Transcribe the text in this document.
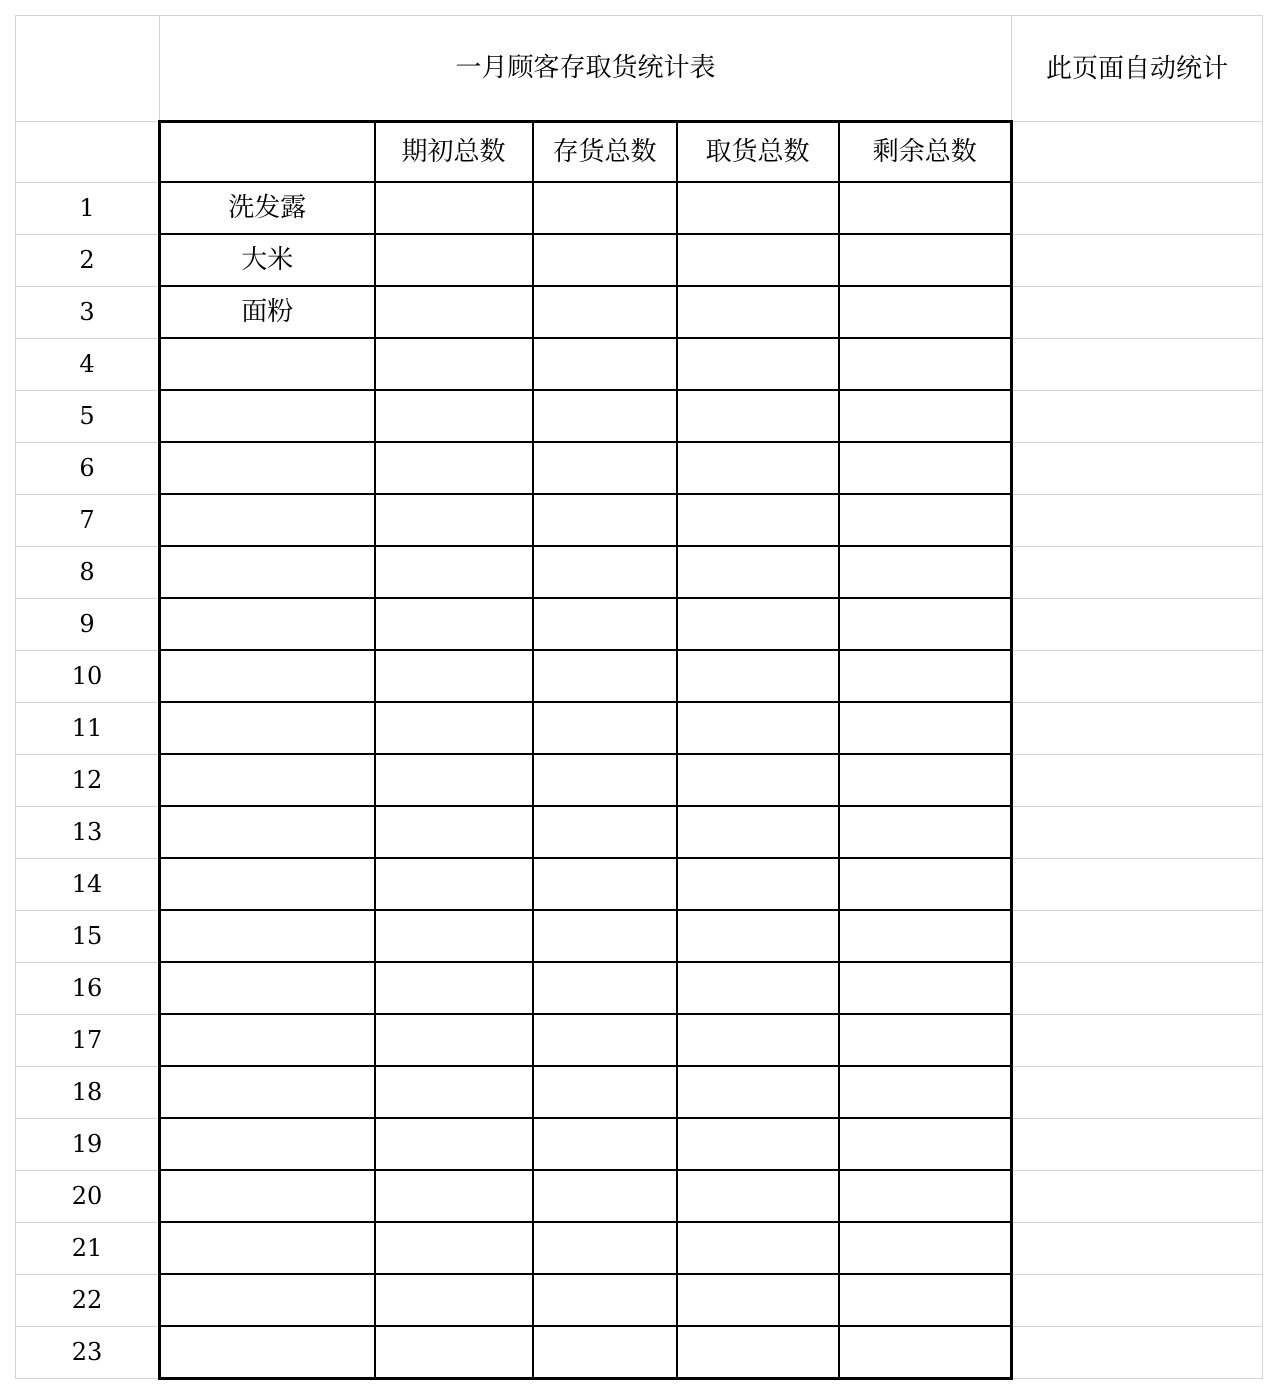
	一月顾客存取货统计表					此页面自动统计
		期初总数	存货总数	取货总数	剩余总数	
1	洗发露					
2	大米					
3	面粉					
4						
5						
6						
7						
8						
9						
10						
11						
12						
13						
14						
15						
16						
17						
18						
19						
20						
21						
22						
23						
